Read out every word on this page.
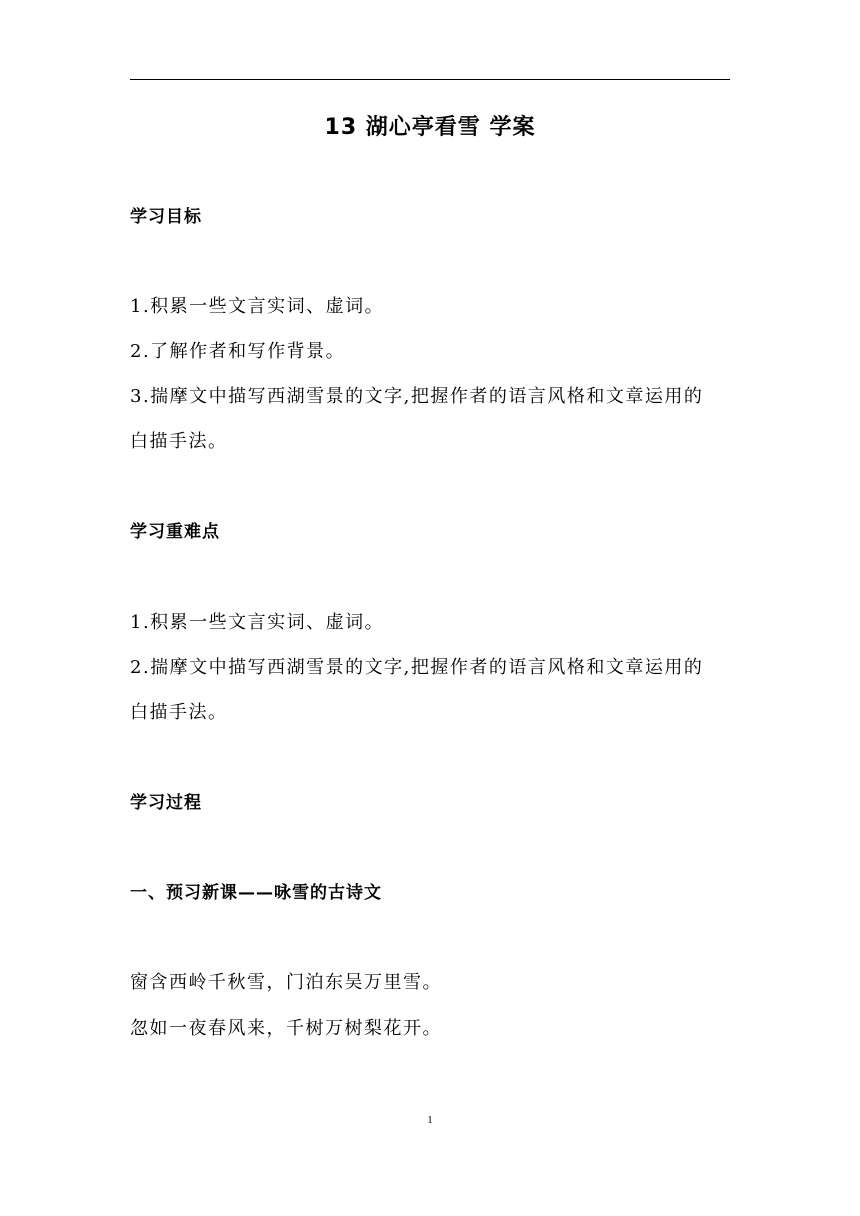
13 湖心亭看雪 学案
学习目标
1.积累一些文言实词、虚词。
2.了解作者和写作背景。
3.揣摩文中描写西湖雪景的文字,把握作者的语言风格和文章运用的
白描手法。
学习重难点
1.积累一些文言实词、虚词。
2.揣摩文中描写西湖雪景的文字,把握作者的语言风格和文章运用的
白描手法。
学习过程
一、预习新课——咏雪的古诗文
窗含西岭千秋雪，门泊东吴万里雪。
忽如一夜春风来，千树万树梨花开。
1
